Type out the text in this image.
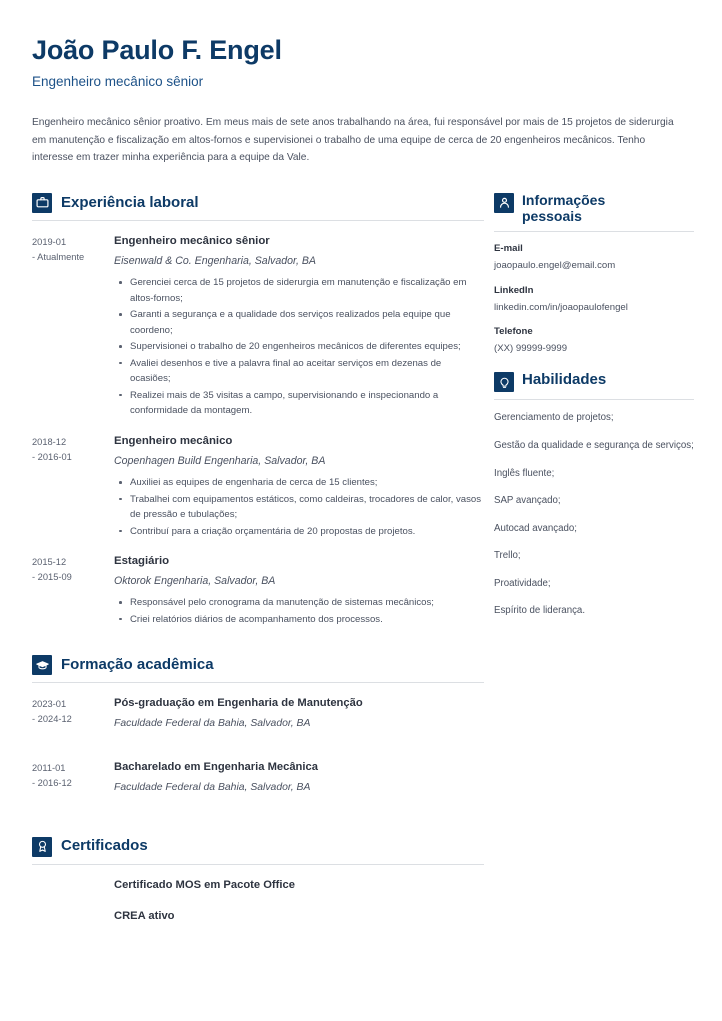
João Paulo F. Engel
Engenheiro mecânico sênior
Engenheiro mecânico sênior proativo. Em meus mais de sete anos trabalhando na área, fui responsável por mais de 15 projetos de siderurgia em manutenção e fiscalização em altos-fornos e supervisionei o trabalho de uma equipe de cerca de 20 engenheiros mecânicos. Tenho interesse em trazer minha experiência para a equipe da Vale.
Experiência laboral
2019-01
- Atualmente
Engenheiro mecânico sênior
Eisenwald & Co. Engenharia, Salvador, BA
Gerenciei cerca de 15 projetos de siderurgia em manutenção e fiscalização em altos-fornos;
Garanti a segurança e a qualidade dos serviços realizados pela equipe que coordeno;
Supervisionei o trabalho de 20 engenheiros mecânicos de diferentes equipes;
Avaliei desenhos e tive a palavra final ao aceitar serviços em dezenas de ocasiões;
Realizei mais de 35 visitas a campo, supervisionando e inspecionando a conformidade da montagem.
2018-12
- 2016-01
Engenheiro mecânico
Copenhagen Build Engenharia, Salvador, BA
Auxiliei as equipes de engenharia de cerca de 15 clientes;
Trabalhei com equipamentos estáticos, como caldeiras, trocadores de calor, vasos de pressão e tubulações;
Contribuí para a criação orçamentária de 20 propostas de projetos.
2015-12
- 2015-09
Estagiário
Oktorok Engenharia, Salvador, BA
Responsável pelo cronograma da manutenção de sistemas mecânicos;
Criei relatórios diários de acompanhamento dos processos.
Formação acadêmica
2023-01
- 2024-12
Pós-graduação em Engenharia de Manutenção
Faculdade Federal da Bahia, Salvador, BA
2011-01
- 2016-12
Bacharelado em Engenharia Mecânica
Faculdade Federal da Bahia, Salvador, BA
Certificados
Certificado MOS em Pacote Office
CREA ativo
Informações
pessoais
E-mail
joaopaulo.engel@email.com
LinkedIn
linkedin.com/in/joaopaulofengel
Telefone
(XX) 99999-9999
Habilidades
Gerenciamento de projetos;
Gestão da qualidade e segurança de serviços;
Inglês fluente;
SAP avançado;
Autocad avançado;
Trello;
Proatividade;
Espírito de liderança.
